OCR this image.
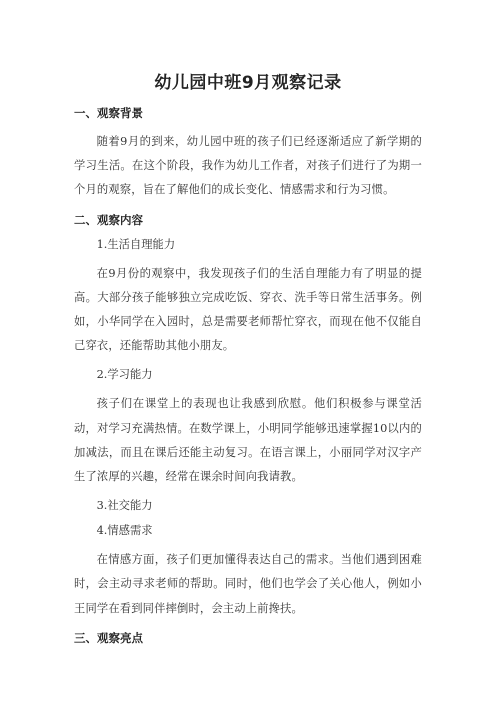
幼儿园中班9月观察记录
一、观察背景

随着9月的到来，幼儿园中班的孩子们已经逐渐适应了新学期的学习生活。在这个阶段，我作为幼儿工作者，对孩子们进行了为期一个月的观察，旨在了解他们的成长变化、情感需求和行为习惯。

二、观察内容
1.生活自理能力

在9月份的观察中，我发现孩子们的生活自理能力有了明显的提高。大部分孩子能够独立完成吃饭、穿衣、洗手等日常生活事务。例如，小华同学在入园时，总是需要老师帮忙穿衣，而现在他不仅能自己穿衣，还能帮助其他小朋友。

2.学习能力

孩子们在课堂上的表现也让我感到欣慰。他们积极参与课堂活动，对学习充满热情。在数学课上，小明同学能够迅速掌握10以内的加减法，而且在课后还能主动复习。在语言课上，小丽同学对汉字产生了浓厚的兴趣，经常在课余时间向我请教。

3.社交能力
4.情感需求

在情感方面，孩子们更加懂得表达自己的需求。当他们遇到困难时，会主动寻求老师的帮助。同时，他们也学会了关心他人，例如小王同学在看到同伴摔倒时，会主动上前搀扶。

三、观察亮点
